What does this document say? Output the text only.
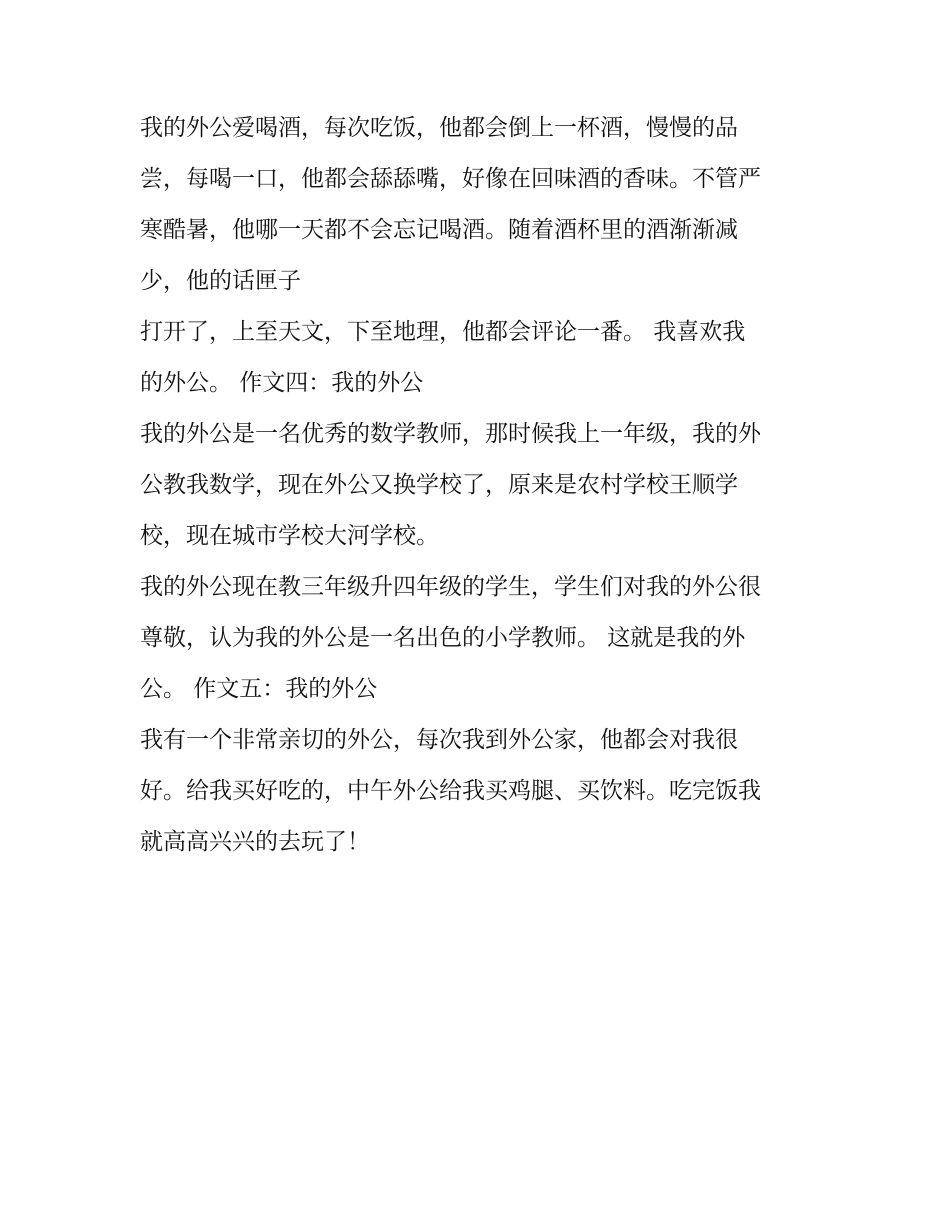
我的外公爱喝酒，每次吃饭，他都会倒上一杯酒，慢慢的品
尝，每喝一口，他都会舔舔嘴，好像在回味酒的香味。不管严
寒酷暑，他哪一天都不会忘记喝酒。随着酒杯里的酒渐渐减
少，他的话匣子
打开了，上至天文，下至地理，他都会评论一番。 我喜欢我
的外公。 作文四：我的外公
我的外公是一名优秀的数学教师，那时候我上一年级，我的外
公教我数学，现在外公又换学校了，原来是农村学校王顺学
校，现在城市学校大河学校。
我的外公现在教三年级升四年级的学生，学生们对我的外公很
尊敬，认为我的外公是一名出色的小学教师。 这就是我的外
公。 作文五：我的外公
我有一个非常亲切的外公，每次我到外公家，他都会对我很
好。给我买好吃的，中午外公给我买鸡腿、买饮料。吃完饭我
就高高兴兴的去玩了！
